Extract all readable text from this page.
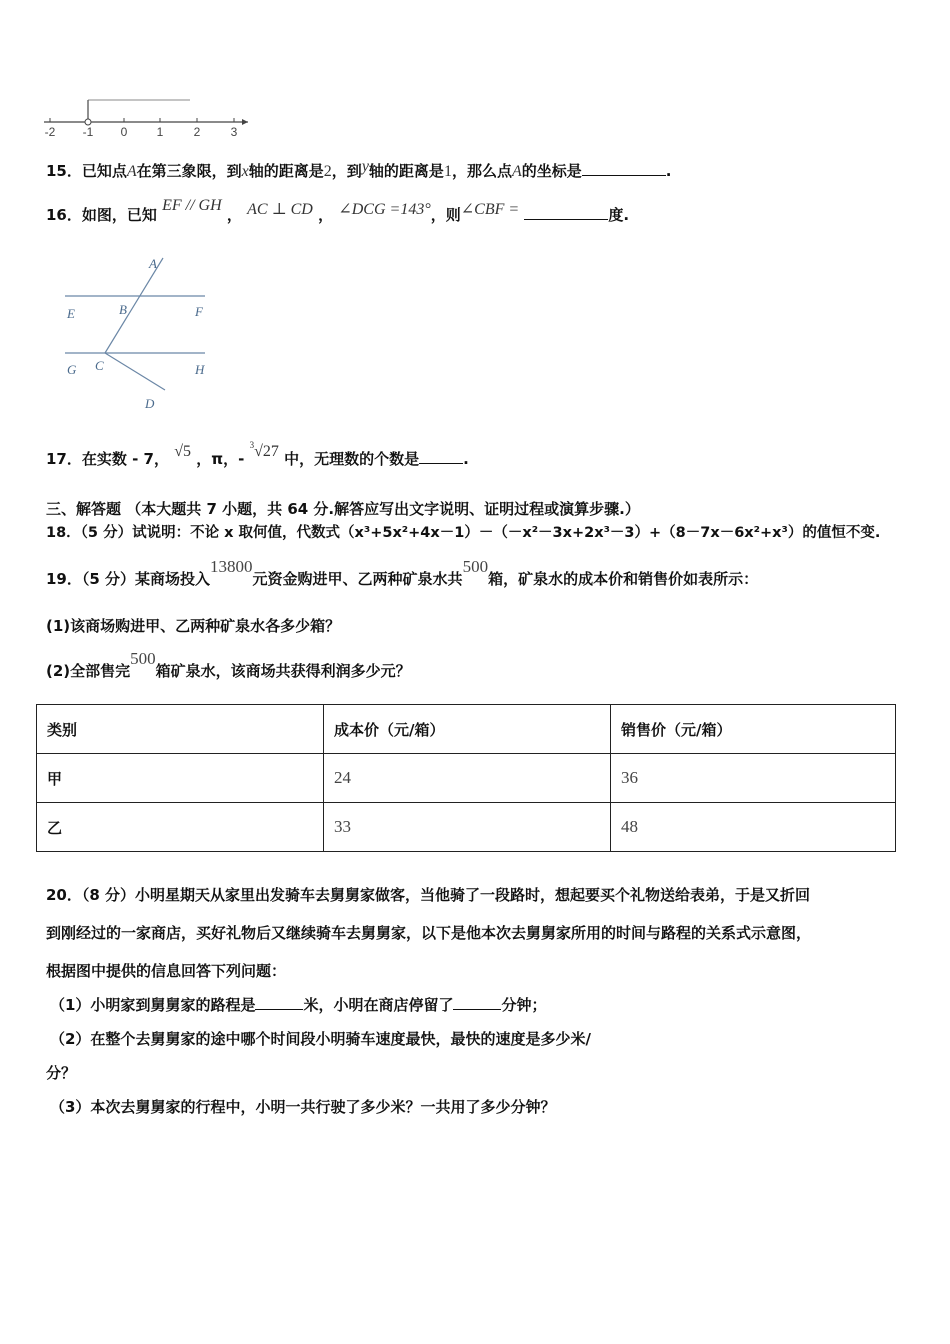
-2 -1 0 1	2	3
15．已知点A在第三象限，到x轴的距离是2，到y轴的距离是1，那么点A的坐标是	.
16．如图，已知 EF // GH ， AC ⊥ CD ， ∠DCG =143°，则∠CBF =	度.
A
B
E	F
G C	H
D
17．在实数 - 7， √5 ，π，- $^3$√27 中，无理数的个数是	.
三、解答题 （本大题共 7 小题，共 64 分.解答应写出文字说明、证明过程或演算步骤.）
18．（5 分）试说明：不论 x 取何值，代数式（x³+5x²+4x－1）－（－x²－3x+2x³－3）+（8－7x－6x²+x³）的值恒不变.
19．（5 分）某商场投入13800元资金购进甲、乙两种矿泉水共500箱，矿泉水的成本价和销售价如表所示：
(1)该商场购进甲、乙两种矿泉水各多少箱？
(2)全部售完500箱矿泉水，该商场共获得利润多少元？
类别	成本价（元/箱）	销售价（元/箱）
甲	24	36
乙	33	48
20．（8 分）小明星期天从家里出发骑车去舅舅家做客，当他骑了一段路时，想起要买个礼物送给表弟，于是又折回
到刚经过的一家商店，买好礼物后又继续骑车去舅舅家，以下是他本次去舅舅家所用的时间与路程的关系式示意图，
根据图中提供的信息回答下列问题：
（1）小明家到舅舅家的路程是	米，小明在商店停留了	分钟；
（2）在整个去舅舅家的途中哪个时间段小明骑车速度最快，最快的速度是多少米/
分？
（3）本次去舅舅家的行程中，小明一共行驶了多少米？一共用了多少分钟？
